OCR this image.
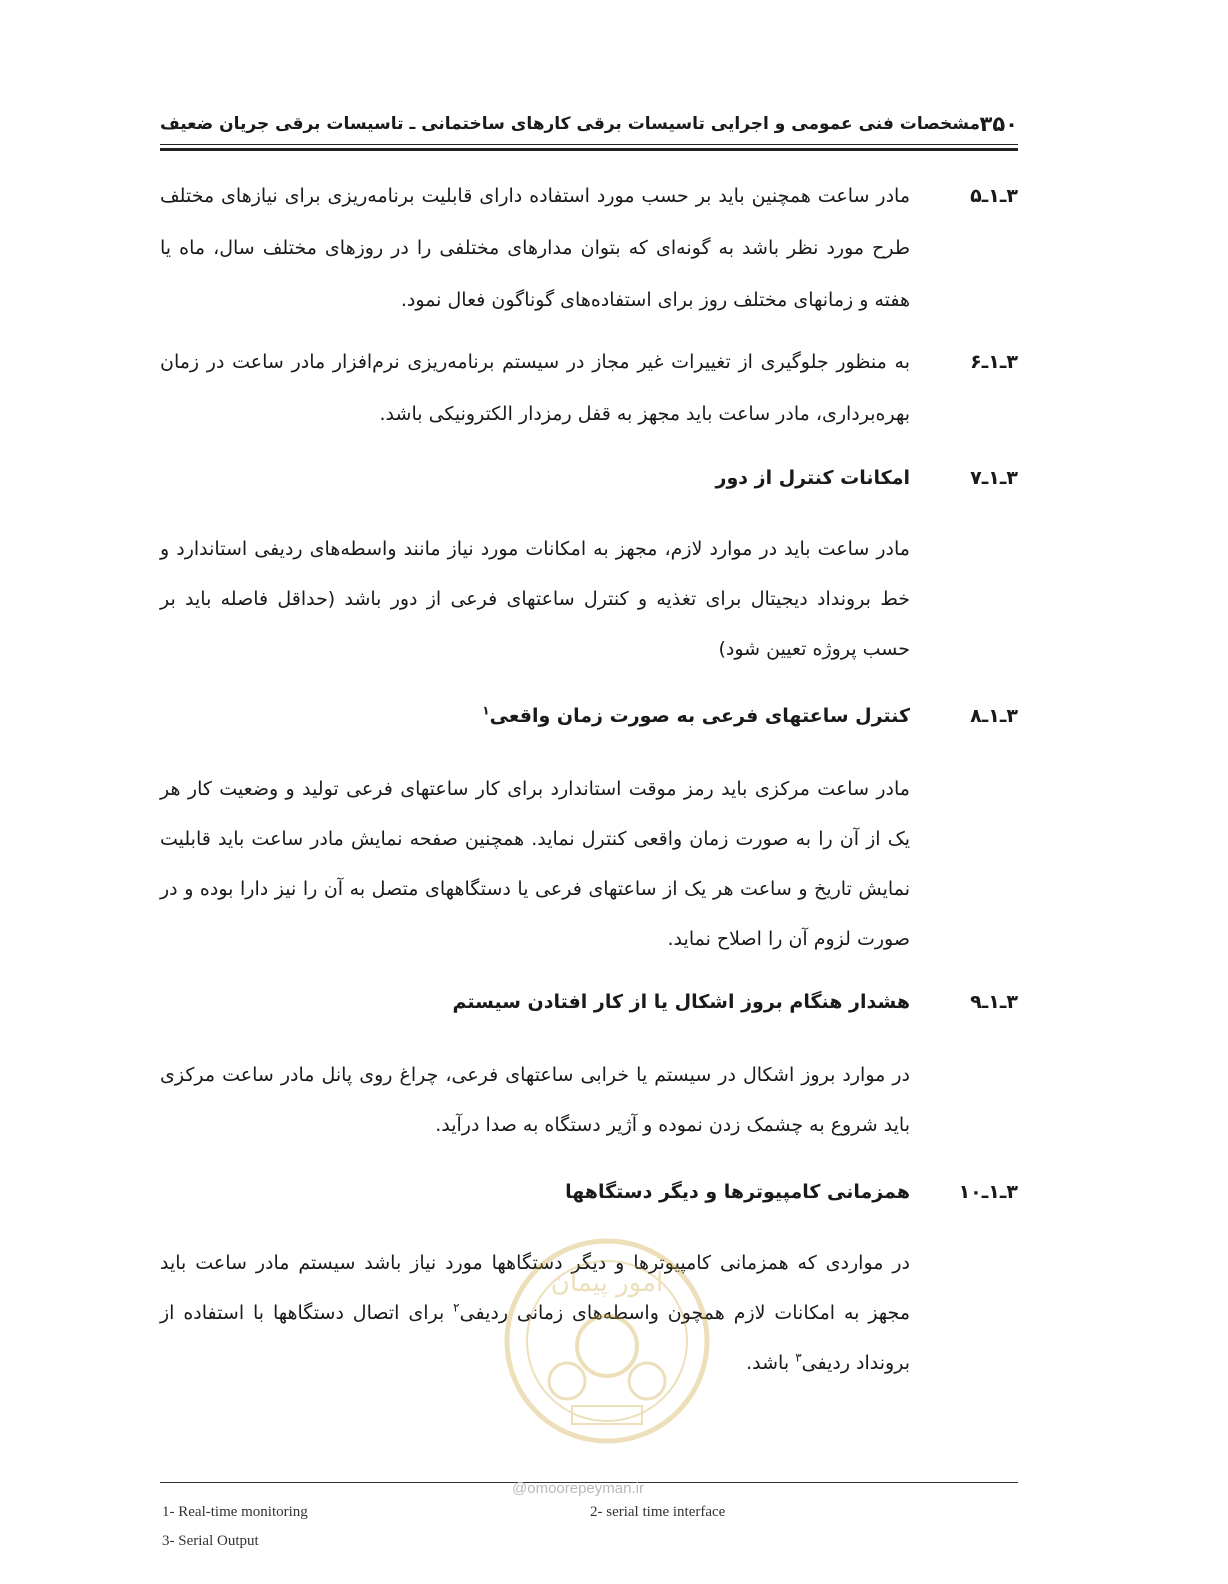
۳۵۰
مشخصات فنی عمومی و اجرایی تاسیسات برقی کارهای ساختمانی ـ تاسیسات برقی جریان ضعیف
۳ـ۱ـ۵
مادر ساعت همچنین باید بر حسب مورد استفاده دارای قابلیت برنامه‌ریزی برای نیازهای مختلف طرح مورد نظر باشد به گونه‌ای که بتوان مدارهای مختلفی را در روزهای مختلف سال، ماه یا هفته و زمانهای مختلف روز برای استفاده‌های گوناگون فعال نمود.
۳ـ۱ـ۶
به منظور جلوگیری از تغییرات غیر مجاز در سیستم برنامه‌ریزی نرم‌افزار مادر ساعت در زمان بهره‌برداری، مادر ساعت باید مجهز به قفل رمزدار الکترونیکی باشد.
۳ـ۱ـ۷
امکانات کنترل از دور
مادر ساعت باید در موارد لازم، مجهز به امکانات مورد نیاز مانند واسطه‌های ردیفی استاندارد و خط برونداد دیجیتال برای تغذیه و کنترل ساعتهای فرعی از دور باشد (حداقل فاصله باید بر حسب پروژه تعیین شود)
۳ـ۱ـ۸
کنترل ساعتهای فرعی به صورت زمان واقعی$^۱$
مادر ساعت مرکزی باید رمز موقت استاندارد برای کار ساعتهای فرعی تولید و وضعیت کار هر یک از آن را به صورت زمان واقعی کنترل نماید. همچنین صفحه نمایش مادر ساعت باید قابلیت نمایش تاریخ و ساعت هر یک از ساعتهای فرعی یا دستگاههای متصل به آن را نیز دارا بوده و در صورت لزوم آن را اصلاح نماید.
۳ـ۱ـ۹
هشدار هنگام بروز اشکال یا از کار افتادن سیستم
در موارد بروز اشکال در سیستم یا خرابی ساعتهای فرعی، چراغ روی پانل مادر ساعت مرکزی باید شروع به چشمک زدن نموده و آژیر دستگاه به صدا درآید.
۳ـ۱ـ۱۰
همزمانی کامپیوترها و دیگر دستگاهها
در مواردی که همزمانی کامپیوترها و دیگر دستگاهها مورد نیاز باشد سیستم مادر ساعت باید مجهز به امکانات لازم همچون واسطه‌های زمانی ردیفی$^۲$ برای اتصال دستگاهها با استفاده از برونداد ردیفی$^۳$ باشد.
امور پیمان
@omoorepeyman.ir
1- Real-time monitoring	2- serial time interface
3- Serial Output
